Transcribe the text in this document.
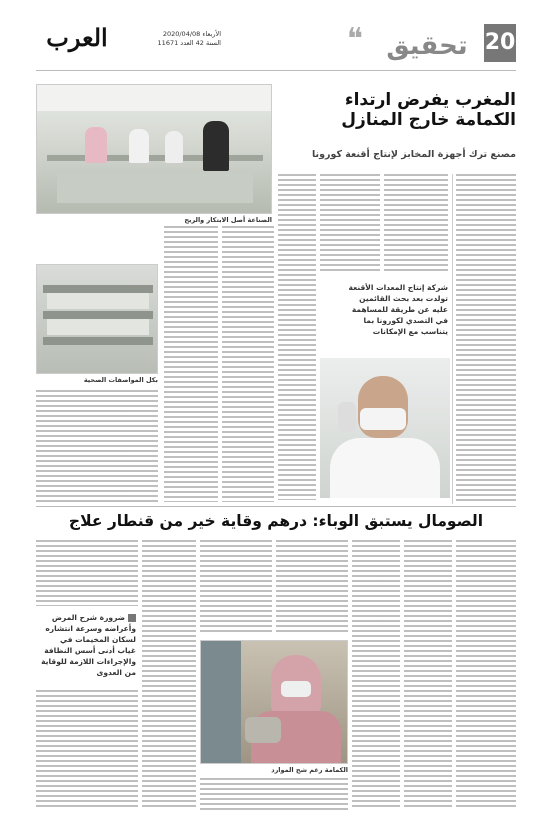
العرب	الأربعاء 2020/04/08
السنة 42 العدد 11671	❝ تحقيق 20
الصناعة أصل الابتكار والربح
المغرب يفرض ارتداء
الكمامة خارج المنازل
مصنع ترك أجهزة المخابز لإنتاج أقنعة كورونا
شركة إنتاج المعدات الأقنعة تولدت بعد بحث القائمين عليه عن طريقة للمساهمة في التصدي لكورونا بما يتناسب مع الإمكانات
بكل المواصفات الصحية
الصومال يستبق الوباء: درهم وقاية خير من قنطار علاج
ضرورة شرح المرض وأعراضه وسرعة انتشاره لسكان المخيمات في غياب أدنى أسس النظافة والإجراءات اللازمة للوقاية من العدوى
الكمامة رغم شح الموارد
